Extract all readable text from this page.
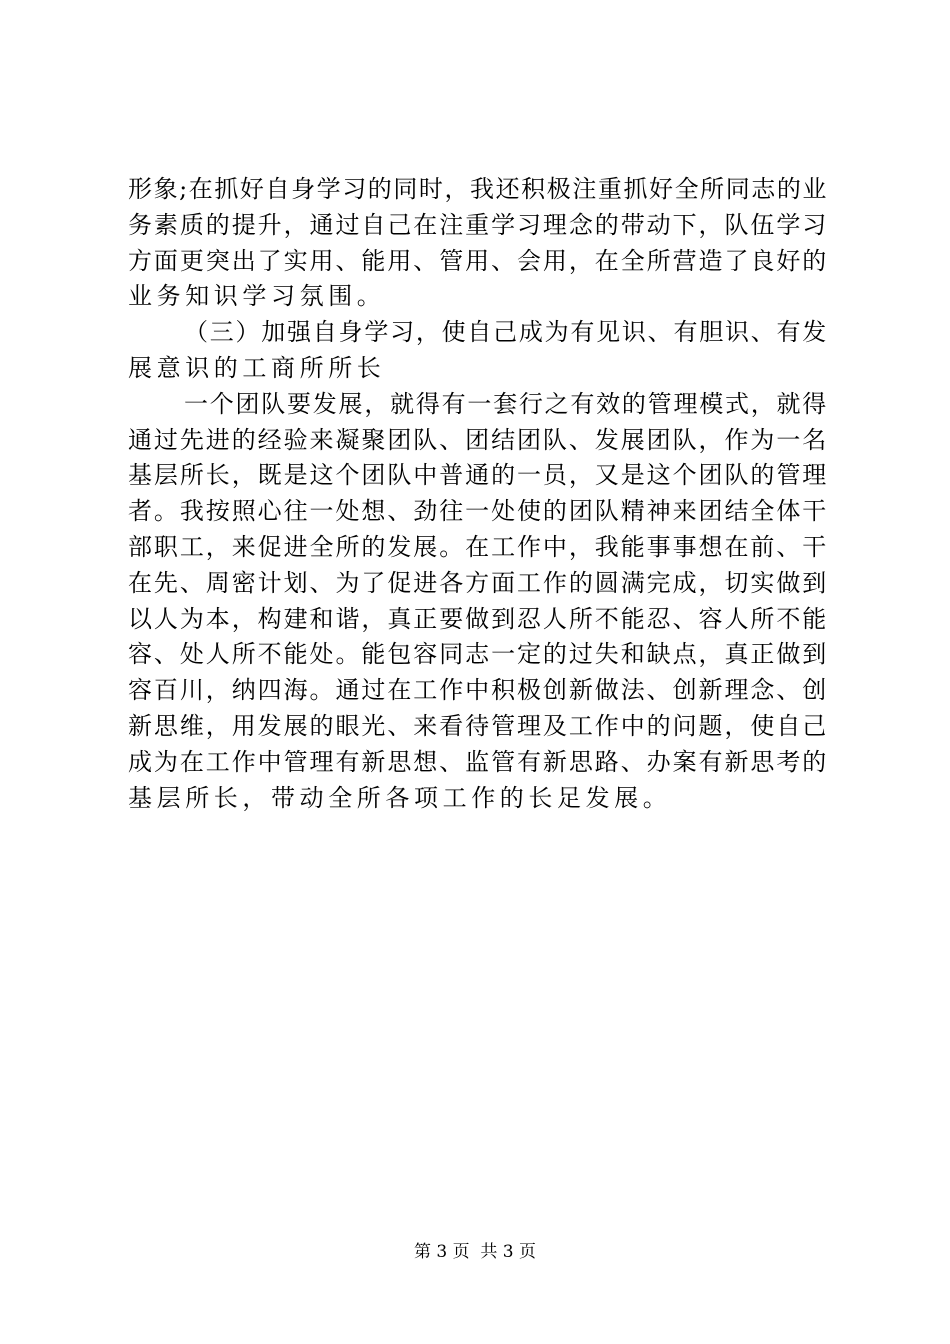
形象;在抓好自身学习的同时，我还积极注重抓好全所同志的业
务素质的提升，通过自己在注重学习理念的带动下，队伍学习
方面更突出了实用、能用、管用、会用，在全所营造了良好的
业务知识学习氛围。
（三）加强自身学习，使自己成为有见识、有胆识、有发
展意识的工商所所长
一个团队要发展，就得有一套行之有效的管理模式，就得
通过先进的经验来凝聚团队、团结团队、发展团队，作为一名
基层所长，既是这个团队中普通的一员，又是这个团队的管理
者。我按照心往一处想、劲往一处使的团队精神来团结全体干
部职工，来促进全所的发展。在工作中，我能事事想在前、干
在先、周密计划、为了促进各方面工作的圆满完成，切实做到
以人为本，构建和谐，真正要做到忍人所不能忍、容人所不能
容、处人所不能处。能包容同志一定的过失和缺点，真正做到
容百川，纳四海。通过在工作中积极创新做法、创新理念、创
新思维，用发展的眼光、来看待管理及工作中的问题，使自己
成为在工作中管理有新思想、监管有新思路、办案有新思考的
基层所长，带动全所各项工作的长足发展。
第 3 页  共 3 页
